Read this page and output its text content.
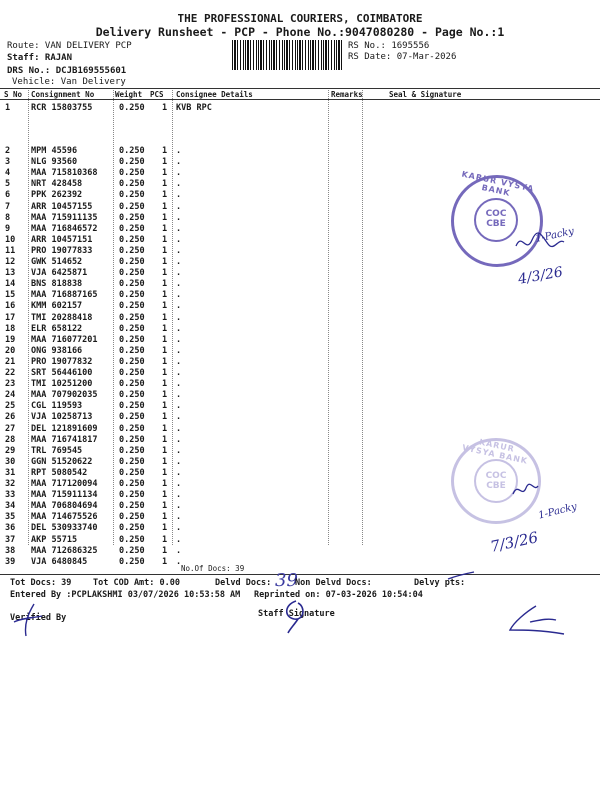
THE PROFESSIONAL COURIERS, COIMBATORE
Delivery Runsheet - PCP - Phone No.:9047080280 - Page No.:1
Route: VAN DELIVERY PCP
Staff: RAJAN
DRS No.: DCJB169555601
Vehicle: Van Delivery
RS No.: 1695556
RS Date: 07-Mar-2026
S No Consignment No	Weight PCS Consignee Details	Remarks	Seal & Signature
1 RCR 15803755	0.250 1 KVB RPC
2 MPM 45596	0.250 1 .
3 NLG 93560	0.250 1 .
4 MAA 715810368	0.250 1 .
5 NRT 428458	0.250 1 .
6 PPK 262392	0.250 1 .
7 ARR 10457155	0.250 1 .
8 MAA 715911135	0.250 1 .
9 MAA 716846572	0.250 1 .
10 ARR 10457151	0.250 1 .
11 PRO 19077833	0.250 1 .
12 GWK 514652	0.250 1 .
13 VJA 6425871	0.250 1 .
14 BNS 818838	0.250 1 .
15 MAA 716887165	0.250 1 .
16 KMM 602157	0.250 1 .
17 TMI 20288418	0.250 1 .
18 ELR 658122	0.250 1 .
19 MAA 716077201	0.250 1 .
20 ONG 938166	0.250 1 .
21 PRO 19077832	0.250 1 .
22 SRT 56446100	0.250 1 .
23 TMI 10251200	0.250 1 .
24 MAA 707902035	0.250 1 .
25 CGL 119593	0.250 1 .
26 VJA 10258713	0.250 1 .
27 DEL 121891609	0.250 1 .
28 MAA 716741817	0.250 1 .
29 TRL 769545	0.250 1 .
30 GGN 51520622	0.250 1 .
31 RPT 5080542	0.250 1 .
32 MAA 717120094	0.250 1 .
33 MAA 715911134	0.250 1 .
34 MAA 706804694	0.250 1 .
35 MAA 714675526	0.250 1 .
36 DEL 530933740	0.250 1 .
37 AKP 55715	0.250 1 .
38 MAA 712686325	0.250 1 .
39 VJA 6480845	0.250 1 .
No.Of Docs: 39
Tot Docs: 39	Tot COD Amt: 0.00	Delvd Docs: 39
Non Delvd Docs:	Delvy pts:
Entered By :PCPLAKSHMI 03/07/2026 10:53:58 AM Reprinted on: 07-03-2026 10:54:04
Verified By	Staff Signature
KARUR VYSYA BANK
COC CBE
KARUR VYSYA BANK
COC CBE
1-Packy
4/3/26
1-Packy
7/3/26
